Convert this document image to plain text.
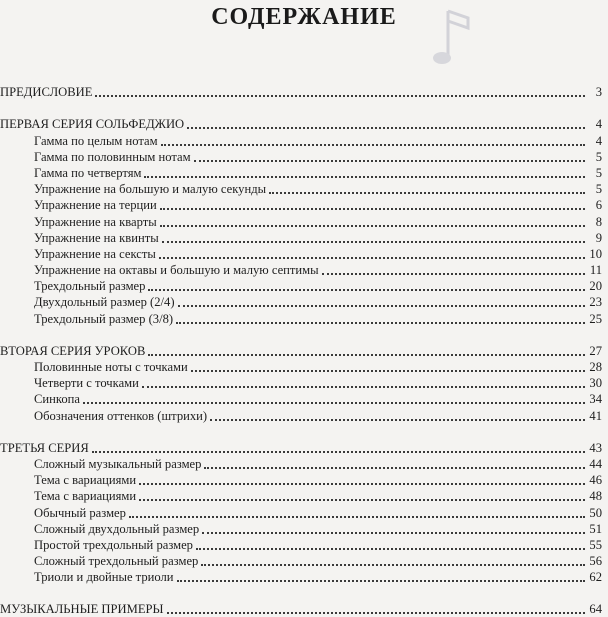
СОДЕРЖАНИЕ
ПРЕДИСЛОВИЕ	3
ПЕРВАЯ СЕРИЯ СОЛЬФЕДЖИО	4
Гамма по целым нотам	4
Гамма по половинным нотам	5
Гамма по четвертям	5
Упражнение на большую и малую секунды	5
Упражнение на терции	6
Упражнение на кварты	8
Упражнение на квинты	9
Упражнение на сексты	10
Упражнение на октавы и большую и малую септимы	11
Трехдольный размер	20
Двухдольный размер (2/4)	23
Трехдольный размер (3/8)	25
ВТОРАЯ СЕРИЯ УРОКОВ	27
Половинные ноты с точками	28
Четверти с точками	30
Синкопа	34
Обозначения оттенков (штрихи)	41
ТРЕТЬЯ СЕРИЯ	43
Сложный музыкальный размер	44
Тема с вариациями	46
Тема с вариациями	48
Обычный размер	50
Сложный двухдольный размер	51
Простой трехдольный размер	55
Сложный трехдольный размер	56
Триоли и двойные триоли	62
МУЗЫКАЛЬНЫЕ ПРИМЕРЫ	64
